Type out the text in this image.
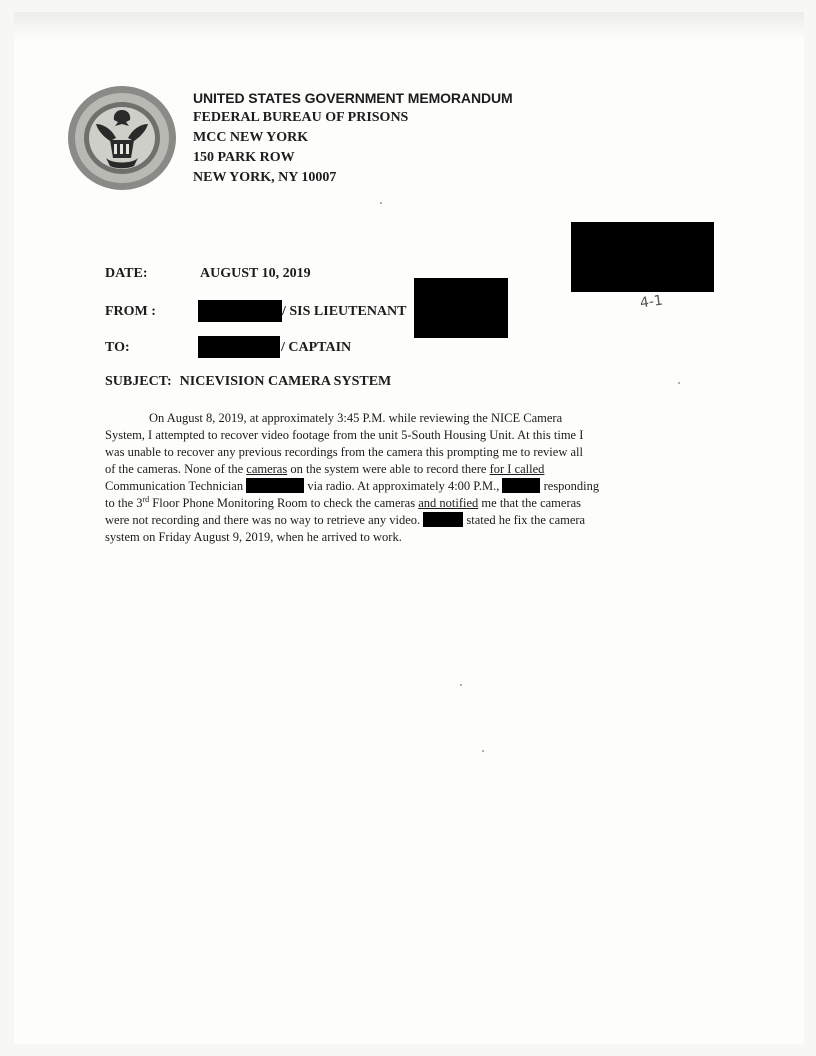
UNITED STATES GOVERNMENT MEMORANDUM
FEDERAL BUREAU OF PRISONS
MCC NEW YORK
150 PARK ROW
NEW YORK, NY 10007
4-1
DATE:	AUGUST 10, 2019
FROM :	/ SIS LIEUTENANT
TO:	/ CAPTAIN
SUBJECT: NICEVISION CAMERA SYSTEM
On August 8, 2019, at approximately 3:45 P.M. while reviewing the NICE Camera
System, I attempted to recover video footage from the unit 5-South Housing Unit. At this time I
was unable to recover any previous recordings from the camera this prompting me to review all
of the cameras. None of the cameras on the system were able to record there for I called
Communication Technician	via radio. At approximately 4:00 P.M.,	responding
to the 3rd Floor Phone Monitoring Room to check the cameras and notified me that the cameras
were not recording and there was no way to retrieve any video.	stated he fix the camera
system on Friday August 9, 2019, when he arrived to work.
